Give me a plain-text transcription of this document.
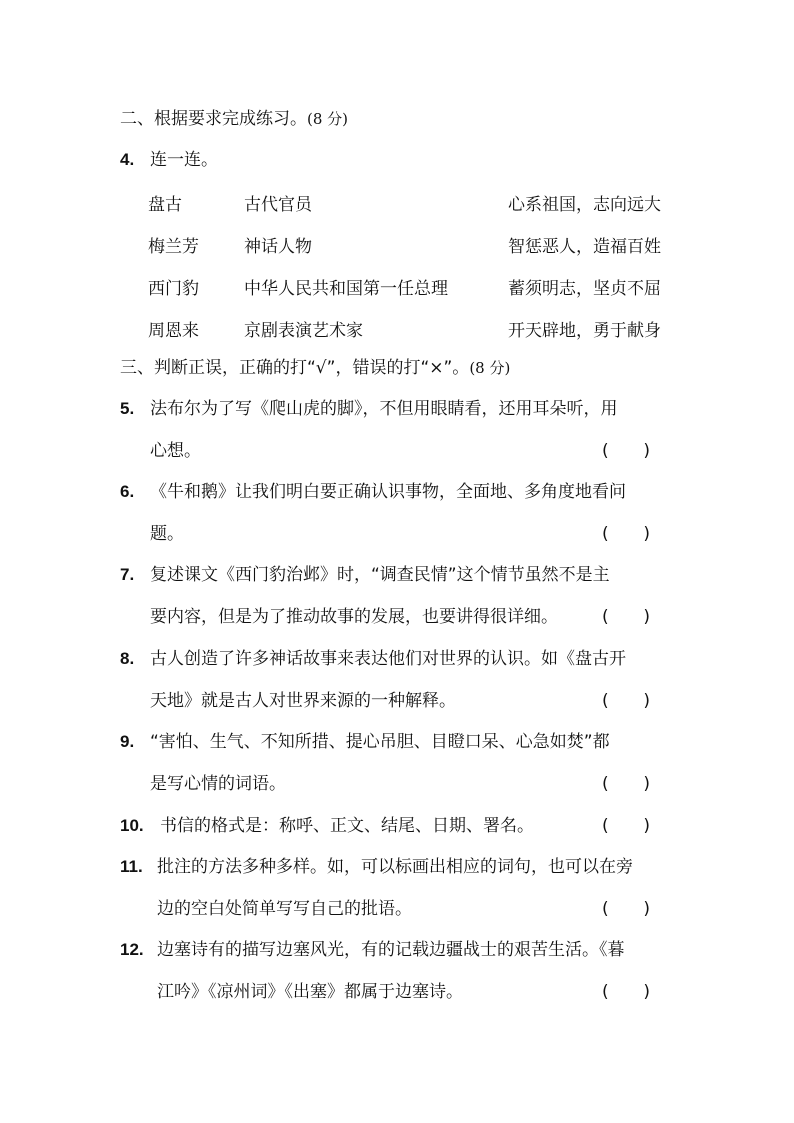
二、根据要求完成练习。(8 分)
4. 连一连。
盘古	古代官员	心系祖国，志向远大
梅兰芳	神话人物	智惩恶人，造福百姓
西门豹	中华人民共和国第一任总理	蓄须明志，坚贞不屈
周恩来	京剧表演艺术家	开天辟地，勇于献身
三、判断正误，正确的打“√”，错误的打“×”。(8 分)
5. 法布尔为了写《爬山虎的脚》，不但用眼睛看，还用耳朵听，用
心想。	( )
6. 《牛和鹅》让我们明白要正确认识事物，全面地、多角度地看问
题。	( )
7. 复述课文《西门豹治邺》时，“调查民情”这个情节虽然不是主
要内容，但是为了推动故事的发展，也要讲得很详细。	( )
8. 古人创造了许多神话故事来表达他们对世界的认识。如《盘古开
天地》就是古人对世界来源的一种解释。	( )
9. “害怕、生气、不知所措、提心吊胆、目瞪口呆、心急如焚”都
是写心情的词语。	( )
10. 书信的格式是：称呼、正文、结尾、日期、署名。	( )
11. 批注的方法多种多样。如，可以标画出相应的词句，也可以在旁
边的空白处简单写写自己的批语。	( )
12. 边塞诗有的描写边塞风光，有的记载边疆战士的艰苦生活。《暮
江吟》《凉州词》《出塞》都属于边塞诗。	( )
